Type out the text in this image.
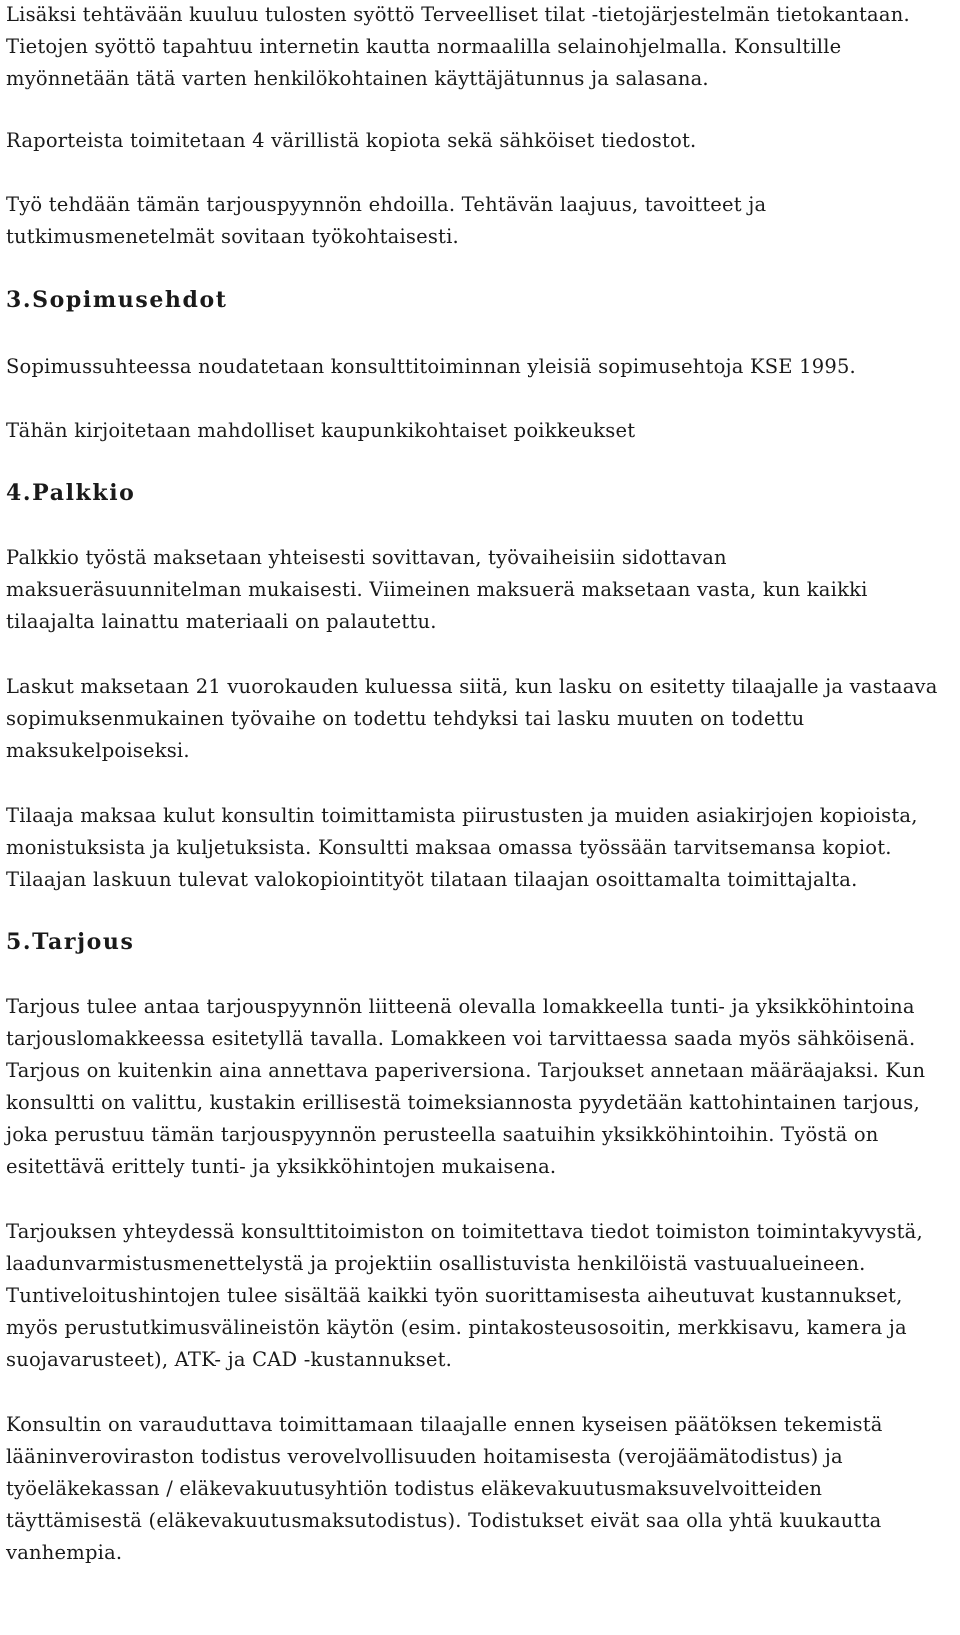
Lisäksi tehtävään kuuluu tulosten syöttö Terveelliset tilat -tietojärjestelmän tietokantaan.
Tietojen syöttö tapahtuu internetin kautta normaalilla selainohjelmalla. Konsultille
myönnetään tätä varten henkilökohtainen käyttäjätunnus ja salasana.
Raporteista toimitetaan 4 värillistä kopiota sekä sähköiset tiedostot.
Työ tehdään tämän tarjouspyynnön ehdoilla. Tehtävän laajuus, tavoitteet ja
tutkimusmenetelmät sovitaan työkohtaisesti.
3.Sopimusehdot
Sopimussuhteessa noudatetaan konsulttitoiminnan yleisiä sopimusehtoja KSE 1995.
Tähän kirjoitetaan mahdolliset kaupunkikohtaiset poikkeukset
4.Palkkio
Palkkio työstä maksetaan yhteisesti sovittavan, työvaiheisiin sidottavan
maksueräsuunnitelman mukaisesti. Viimeinen maksuerä maksetaan vasta, kun kaikki
tilaajalta lainattu materiaali on palautettu.
Laskut maksetaan 21 vuorokauden kuluessa siitä, kun lasku on esitetty tilaajalle ja vastaava
sopimuksenmukainen työvaihe on todettu tehdyksi tai lasku muuten on todettu
maksukelpoiseksi.
Tilaaja maksaa kulut konsultin toimittamista piirustusten ja muiden asiakirjojen kopioista,
monistuksista ja kuljetuksista. Konsultti maksaa omassa työssään tarvitsemansa kopiot.
Tilaajan laskuun tulevat valokopiointityöt tilataan tilaajan osoittamalta toimittajalta.
5.Tarjous
Tarjous tulee antaa tarjouspyynnön liitteenä olevalla lomakkeella tunti- ja yksikköhintoina
tarjouslomakkeessa esitetyllä tavalla. Lomakkeen voi tarvittaessa saada myös sähköisenä.
Tarjous on kuitenkin aina annettava paperiversiona. Tarjoukset annetaan määräajaksi. Kun
konsultti on valittu, kustakin erillisestä toimeksiannosta pyydetään kattohintainen tarjous,
joka perustuu tämän tarjouspyynnön perusteella saatuihin yksikköhintoihin. Työstä on
esitettävä erittely tunti- ja yksikköhintojen mukaisena.
Tarjouksen yhteydessä konsulttitoimiston on toimitettava tiedot toimiston toimintakyvystä,
laadunvarmistusmenettelystä ja projektiin osallistuvista henkilöistä vastuualueineen.
Tuntiveloitushintojen tulee sisältää kaikki työn suorittamisesta aiheutuvat kustannukset,
myös perustutkimusvälineistön käytön (esim. pintakosteusosoitin, merkkisavu, kamera ja
suojavarusteet), ATK- ja CAD -kustannukset.
Konsultin on varauduttava toimittamaan tilaajalle ennen kyseisen päätöksen tekemistä
lääninveroviraston todistus verovelvollisuuden hoitamisesta (verojäämätodistus) ja
työeläkekassan / eläkevakuutusyhtiön todistus eläkevakuutusmaksuvelvoitteiden
täyttämisestä (eläkevakuutusmaksutodistus). Todistukset eivät saa olla yhtä kuukautta
vanhempia.
